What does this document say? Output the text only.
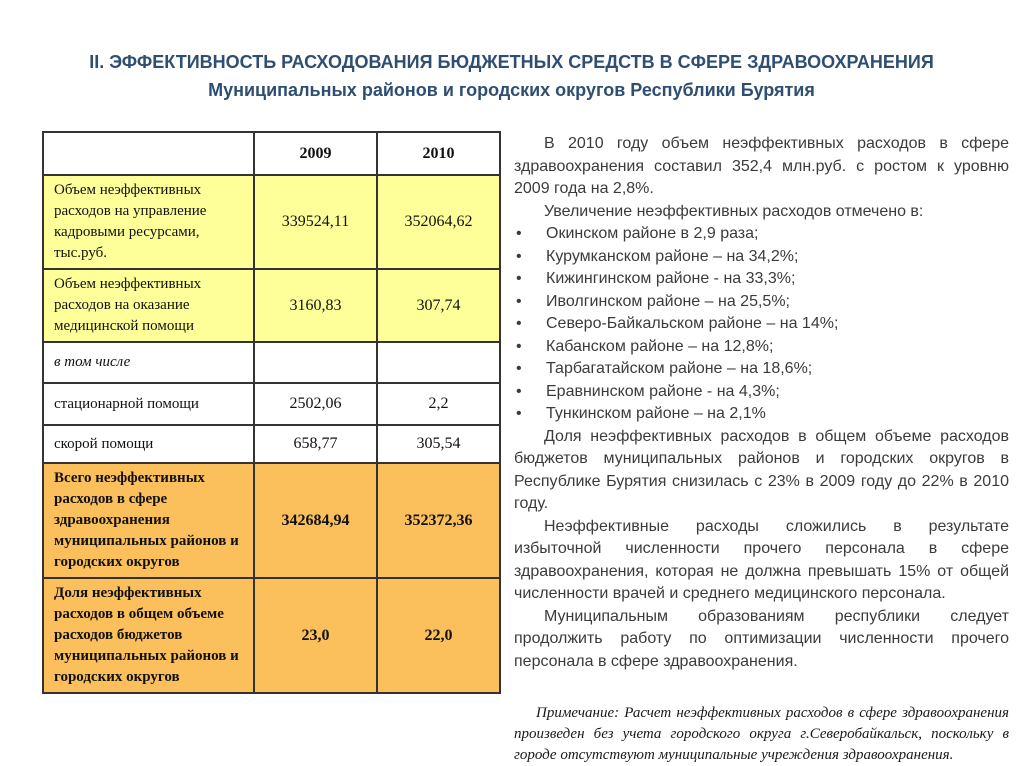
II. ЭФФЕКТИВНОСТЬ РАСХОДОВАНИЯ БЮДЖЕТНЫХ СРЕДСТВ В СФЕРЕ ЗДРАВООХРАНЕНИЯ
Муниципальных районов и городских округов Республики Бурятия
	2009	2010
Объем неэффективных расходов на управление кадровыми ресурсами, тыс.руб.	339524,11	352064,62
Объем неэффективных расходов на оказание медицинской помощи	3160,83	307,74
в том числе		
стационарной помощи	2502,06	2,2
скорой помощи	658,77	305,54
Всего неэффективных расходов в сфере здравоохранения муниципальных районов и городских округов	342684,94	352372,36
Доля неэффективных расходов в общем объеме расходов бюджетов муниципальных районов и городских округов	23,0	22,0

В 2010 году объем неэффективных расходов в сфере здравоохранения составил 352,4 млн.руб. с ростом к уровню 2009 года на 2,8%.

Увеличение неэффективных расходов отмечено в:

• Окинском районе в 2,9 раза;
• Курумканском районе – на 34,2%;
• Кижингинском районе - на 33,3%;
• Иволгинском районе – на 25,5%;
• Северо-Байкальском районе – на 14%;
• Кабанском районе – на 12,8%;
• Тарбагатайском районе – на 18,6%;
• Еравнинском районе - на 4,3%;
• Тункинском районе – на 2,1%

Доля неэффективных расходов в общем объеме расходов бюджетов муниципальных районов и городских округов в Республике Бурятия снизилась с 23% в 2009 году до 22% в 2010 году.

Неэффективные расходы сложились в результате избыточной численности прочего персонала в сфере здравоохранения, которая не должна превышать 15% от общей численности врачей и среднего медицинского персонала.

Муниципальным образованиям республики следует продолжить работу по оптимизации численности прочего персонала в сфере здравоохранения.

Примечание: Расчет неэффективных расходов в сфере здравоохранения произведен без учета городского округа г.Северобайкальск, поскольку в городе отсутствуют муниципальные учреждения здравоохранения.
